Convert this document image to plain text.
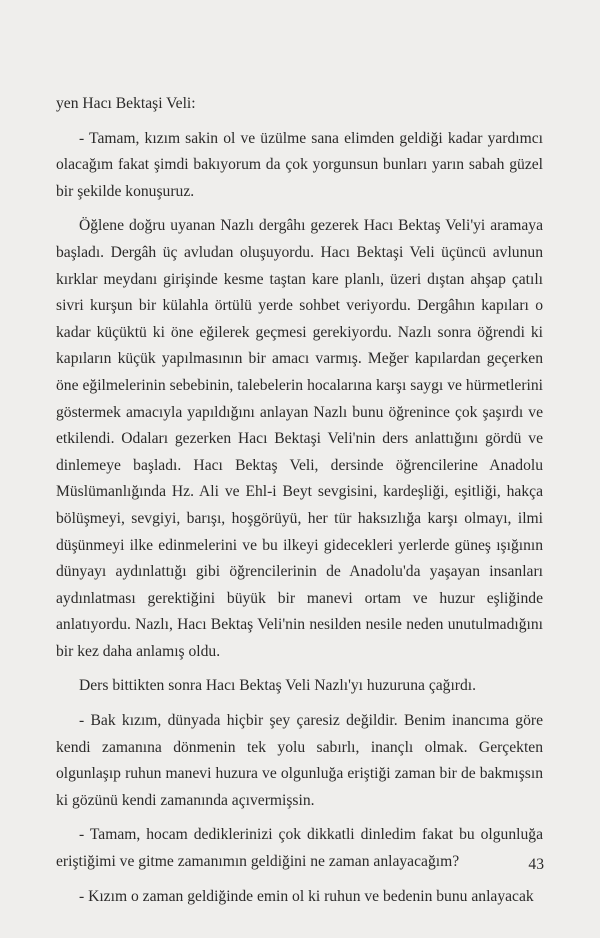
yen Hacı Bektaşi Veli:

- Tamam, kızım sakin ol ve üzülme sana elimden geldiği kadar yardımcı olacağım fakat şimdi bakıyorum da çok yorgunsun bunları yarın sabah güzel bir şekilde konuşuruz.

Öğlene doğru uyanan Nazlı dergâhı gezerek Hacı Bektaş Veli'yi aramaya başladı. Dergâh üç avludan oluşuyordu. Hacı Bektaşi Veli üçüncü avlunun kırklar meydanı girişinde kesme taştan kare planlı, üzeri dıştan ahşap çatılı sivri kurşun bir külahla örtülü yerde sohbet veriyordu. Dergâhın kapıları o kadar küçüktü ki öne eğilerek geçmesi gerekiyordu. Nazlı sonra öğrendi ki kapıların küçük yapılmasının bir amacı varmış. Meğer kapılardan geçerken öne eğilmelerinin sebebinin, talebelerin hocalarına karşı saygı ve hürmetlerini göstermek amacıyla yapıldığını anlayan Nazlı bunu öğrenince çok şaşırdı ve etkilendi. Odaları gezerken Hacı Bektaşi Veli'nin ders anlattığını gördü ve dinlemeye başladı. Hacı Bektaş Veli, dersinde öğrencilerine Anadolu Müslümanlığında Hz. Ali ve Ehl-i Beyt sevgisini, kardeşliği, eşitliği, hakça bölüşmeyi, sevgiyi, barışı, hoşgörüyü, her tür haksızlığa karşı olmayı, ilmi düşünmeyi ilke edinmelerini ve bu ilkeyi gidecekleri yerlerde güneş ışığının dünyayı aydınlattığı gibi öğrencilerinin de Anadolu'da yaşayan insanları aydınlatması gerektiğini büyük bir manevi ortam ve huzur eşliğinde anlatıyordu. Nazlı, Hacı Bektaş Veli'nin nesilden nesile neden unutulmadığını bir kez daha anlamış oldu.

Ders bittikten sonra Hacı Bektaş Veli Nazlı'yı huzuruna çağırdı.

- Bak kızım, dünyada hiçbir şey çaresiz değildir. Benim inancıma göre kendi zamanına dönmenin tek yolu sabırlı, inançlı olmak. Gerçekten olgunlaşıp ruhun manevi huzura ve olgunluğa eriştiği zaman bir de bakmışsın ki gözünü kendi zamanında açıvermişsin.

- Tamam, hocam dediklerinizi çok dikkatli dinledim fakat bu olgunluğa eriştiğimi ve gitme zamanımın geldiğini ne zaman anlayacağım?

- Kızım o zaman geldiğinde emin ol ki ruhun ve bedenin bunu anlayacak

43
